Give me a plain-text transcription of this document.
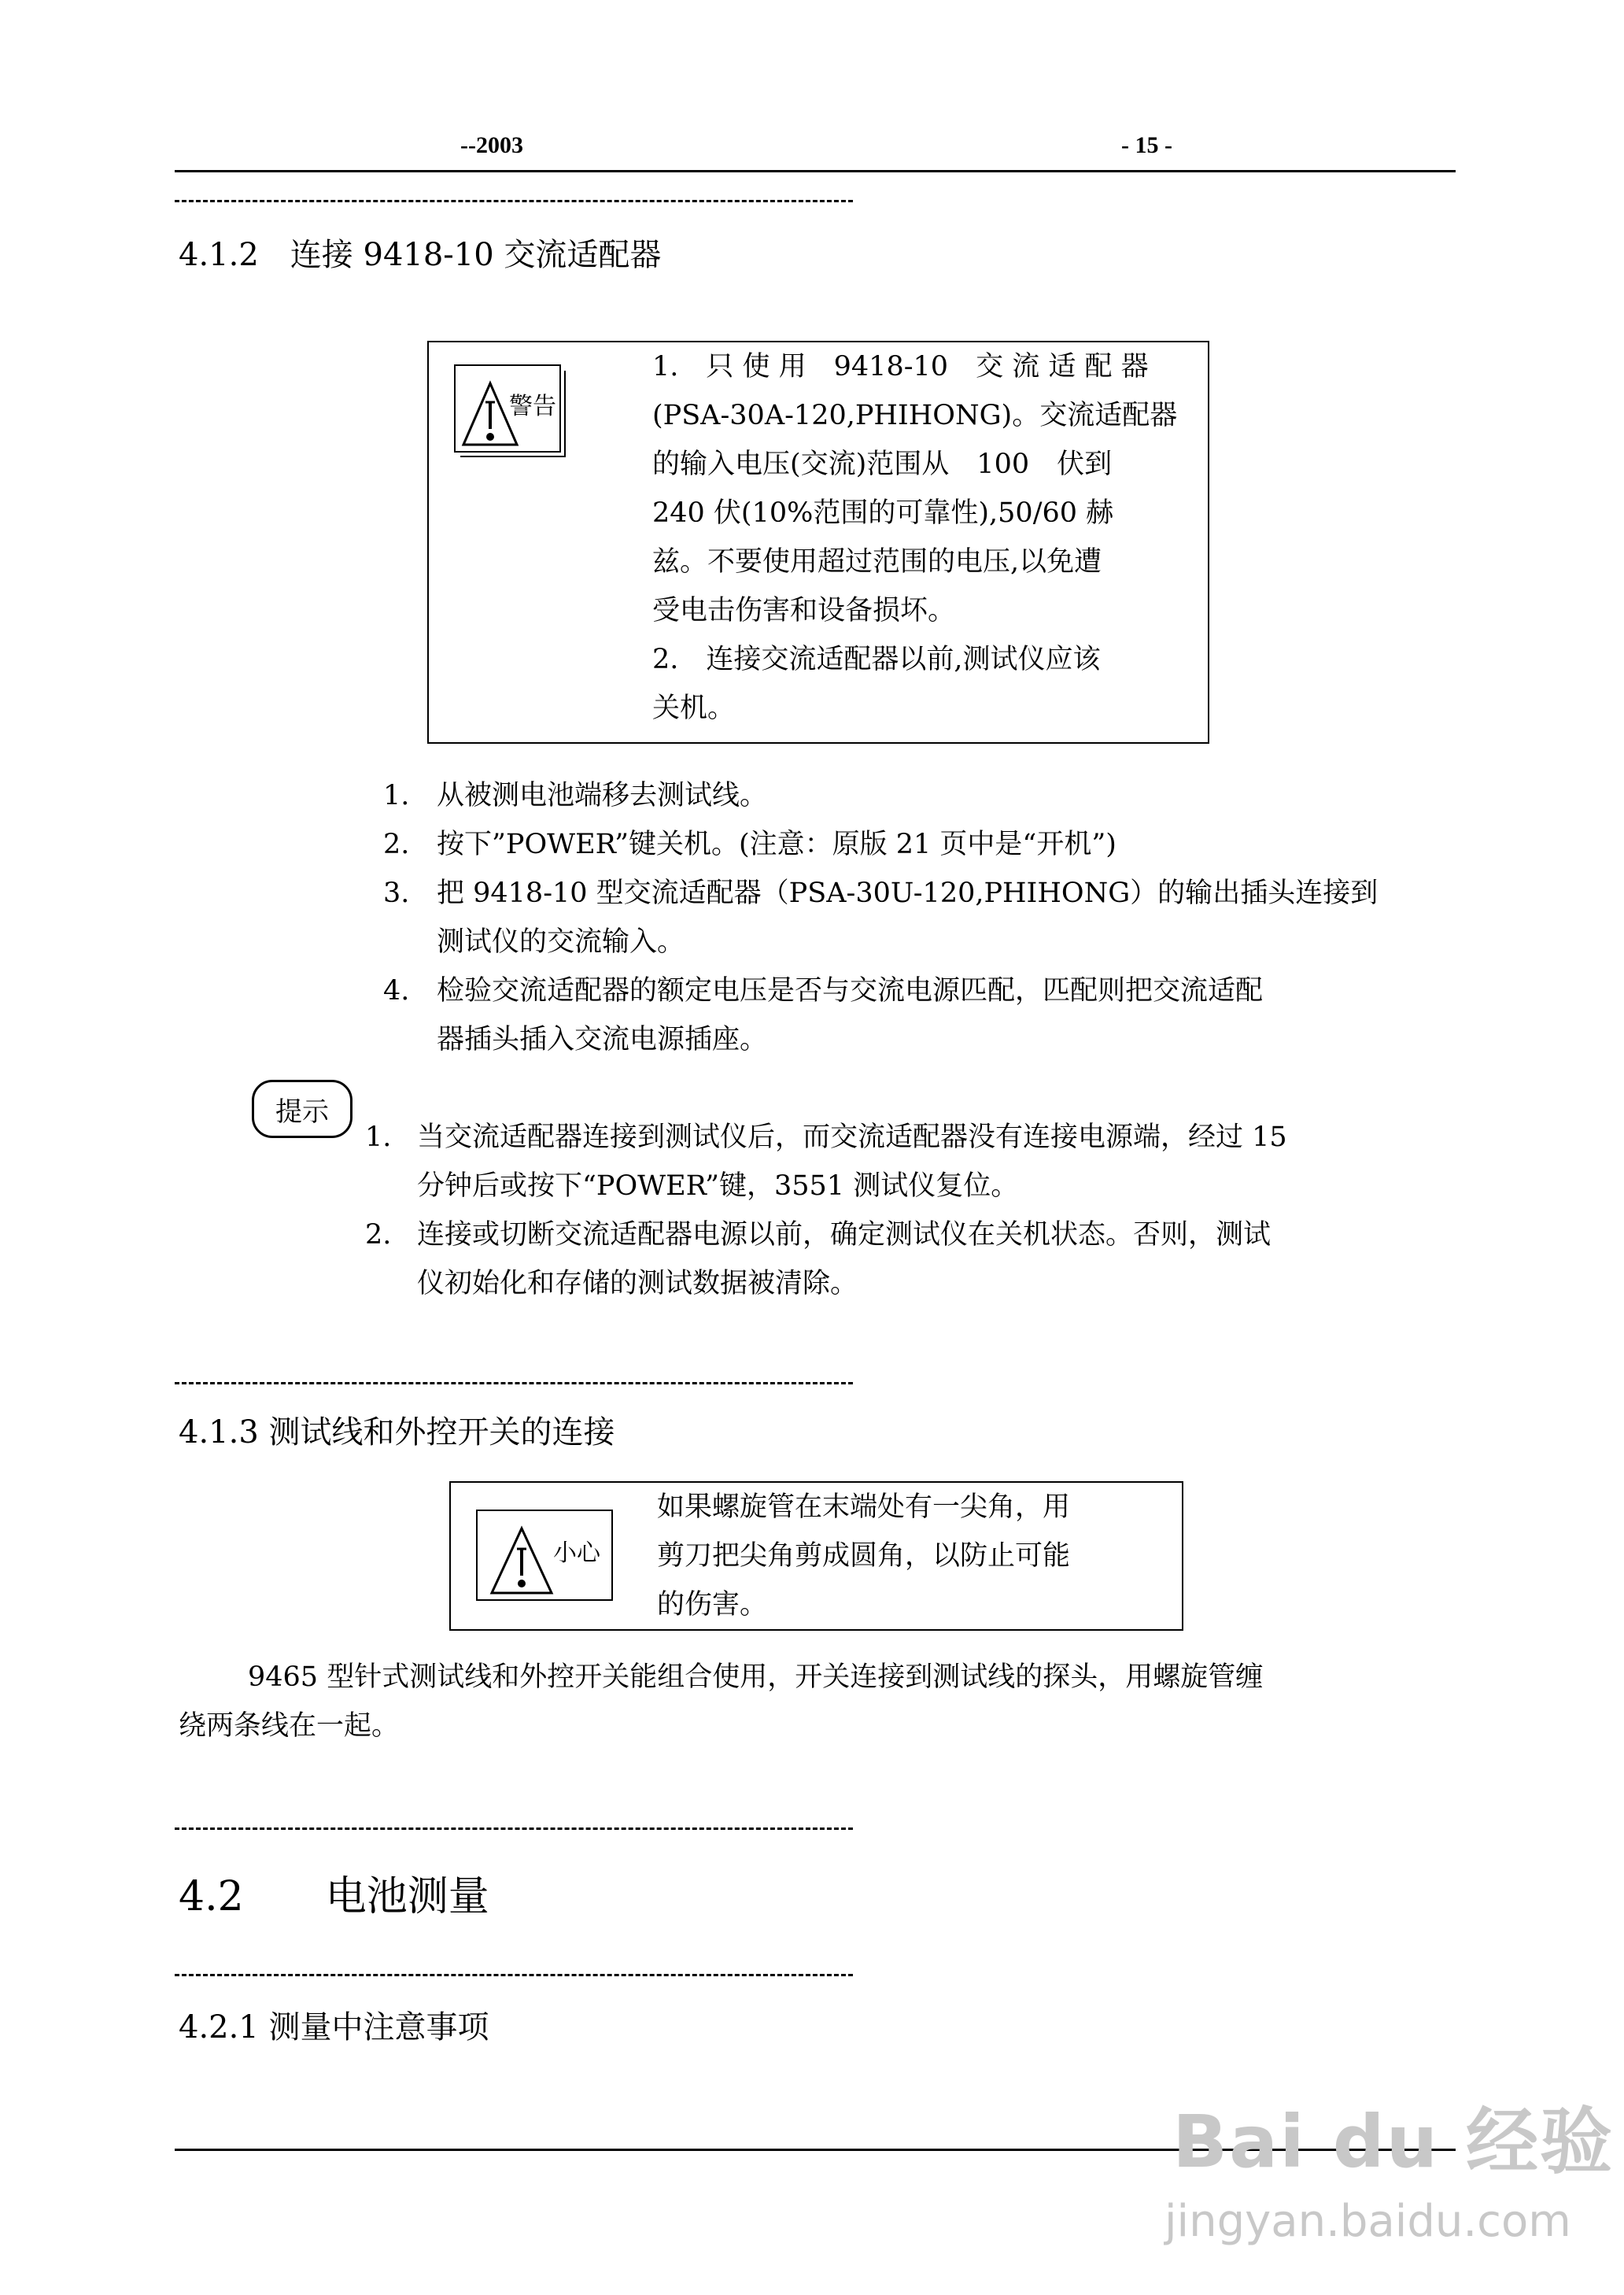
--2003	- 15 -
4.1.2　连接 9418-10 交流适配器
警告
1.　只 使 用　9418-10　交 流 适 配 器
(PSA-30A-120,PHIHONG)。交流适配器
的输入电压(交流)范围从　100　伏到
240 伏(10%范围的可靠性),50/60 赫
兹。不要使用超过范围的电压,以免遭
受电击伤害和设备损坏。
2.　连接交流适配器以前,测试仪应该
关机。
1. 从被测电池端移去测试线。
2. 按下”POWER”键关机。(注意：原版 21 页中是“开机”)
3. 把 9418-10 型交流适配器（PSA-30U-120,PHIHONG）的输出插头连接到
测试仪的交流输入。
4. 检验交流适配器的额定电压是否与交流电源匹配，匹配则把交流适配
器插头插入交流电源插座。
提示
1. 当交流适配器连接到测试仪后，而交流适配器没有连接电源端，经过 15
分钟后或按下“POWER”键，3551 测试仪复位。
2. 连接或切断交流适配器电源以前，确定测试仪在关机状态。否则，测试
仪初始化和存储的测试数据被清除。
4.1.3 测试线和外控开关的连接
小心
如果螺旋管在末端处有一尖角，用
剪刀把尖角剪成圆角，以防止可能
的伤害。
9465 型针式测试线和外控开关能组合使用，开关连接到测试线的探头，用螺旋管缠
绕两条线在一起。
4.2　　电池测量
4.2.1 测量中注意事项
Bai du 经验
jingyan.baidu.com
